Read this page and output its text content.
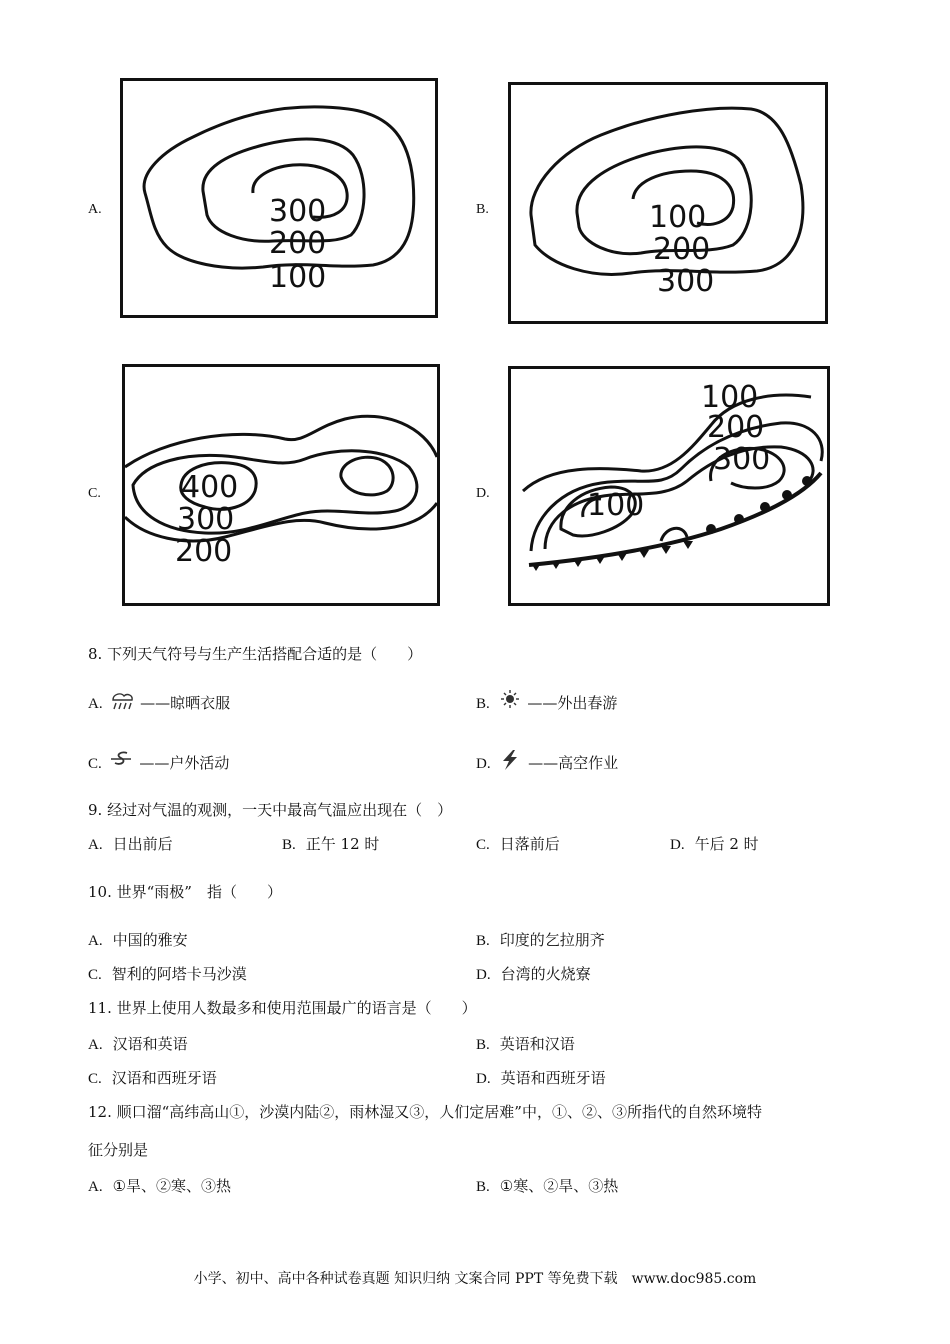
A.	300
200
100
B.	100
200
300
C.	400
300
200
D.
100
200
300
100
8. 下列天气符号与生产生活搭配合适的是（　　）
A.	——晾晒衣服	B.	——外出春游
C.	——户外活动	D.	——高空作业
9. 经过对气温的观测，一天中最高气温应出现在（　）
A. 日出前后	B. 正午 12 时	C. 日落前后	D. 午后 2 时
10. 世界“雨极”　指（　　）
A. 中国的雅安	B. 印度的乞拉朋齐
C. 智利的阿塔卡马沙漠	D. 台湾的火烧寮
11. 世界上使用人数最多和使用范围最广的语言是（　　）
A. 汉语和英语	B. 英语和汉语
C. 汉语和西班牙语	D. 英语和西班牙语
12. 顺口溜“高纬高山①，沙漠内陆②，雨林湿又③，人们定居难”中，①、②、③所指代的自然环境特
征分别是
A. ①旱、②寒、③热	B. ①寒、②旱、③热
小学、初中、高中各种试卷真题 知识归纳 文案合同 PPT 等免费下载　www.doc985.com
